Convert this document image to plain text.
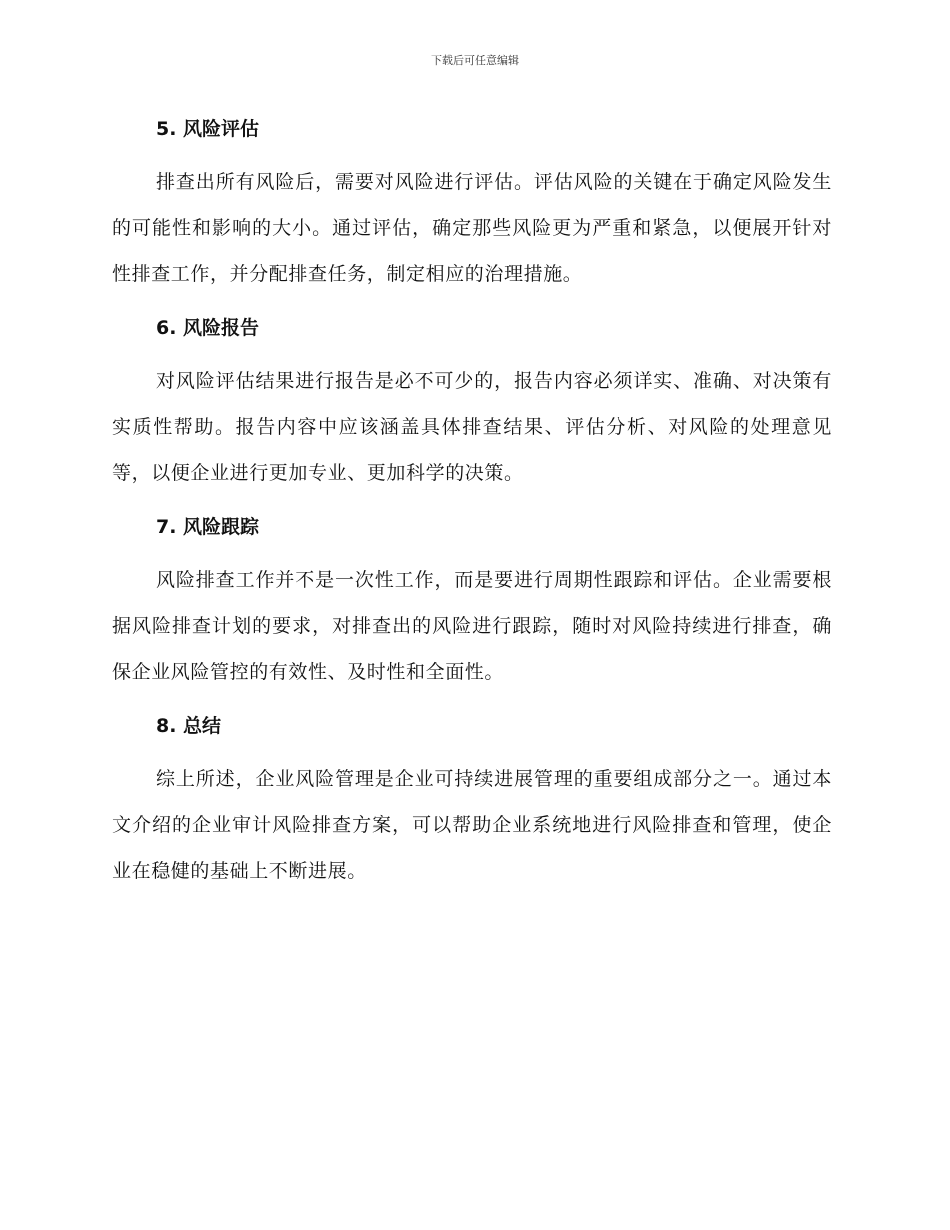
下载后可任意编辑
5. 风险评估

排查出所有风险后，需要对风险进行评估。评估风险的关键在于确定风险发生的可能性和影响的大小。通过评估，确定那些风险更为严重和紧急，以便展开针对性排查工作，并分配排查任务，制定相应的治理措施。

6. 风险报告

对风险评估结果进行报告是必不可少的，报告内容必须详实、准确、对决策有实质性帮助。报告内容中应该涵盖具体排查结果、评估分析、对风险的处理意见等，以便企业进行更加专业、更加科学的决策。

7. 风险跟踪

风险排查工作并不是一次性工作，而是要进行周期性跟踪和评估。企业需要根据风险排查计划的要求，对排查出的风险进行跟踪，随时对风险持续进行排查，确保企业风险管控的有效性、及时性和全面性。

8. 总结

综上所述，企业风险管理是企业可持续进展管理的重要组成部分之一。通过本文介绍的企业审计风险排查方案，可以帮助企业系统地进行风险排查和管理，使企业在稳健的基础上不断进展。
